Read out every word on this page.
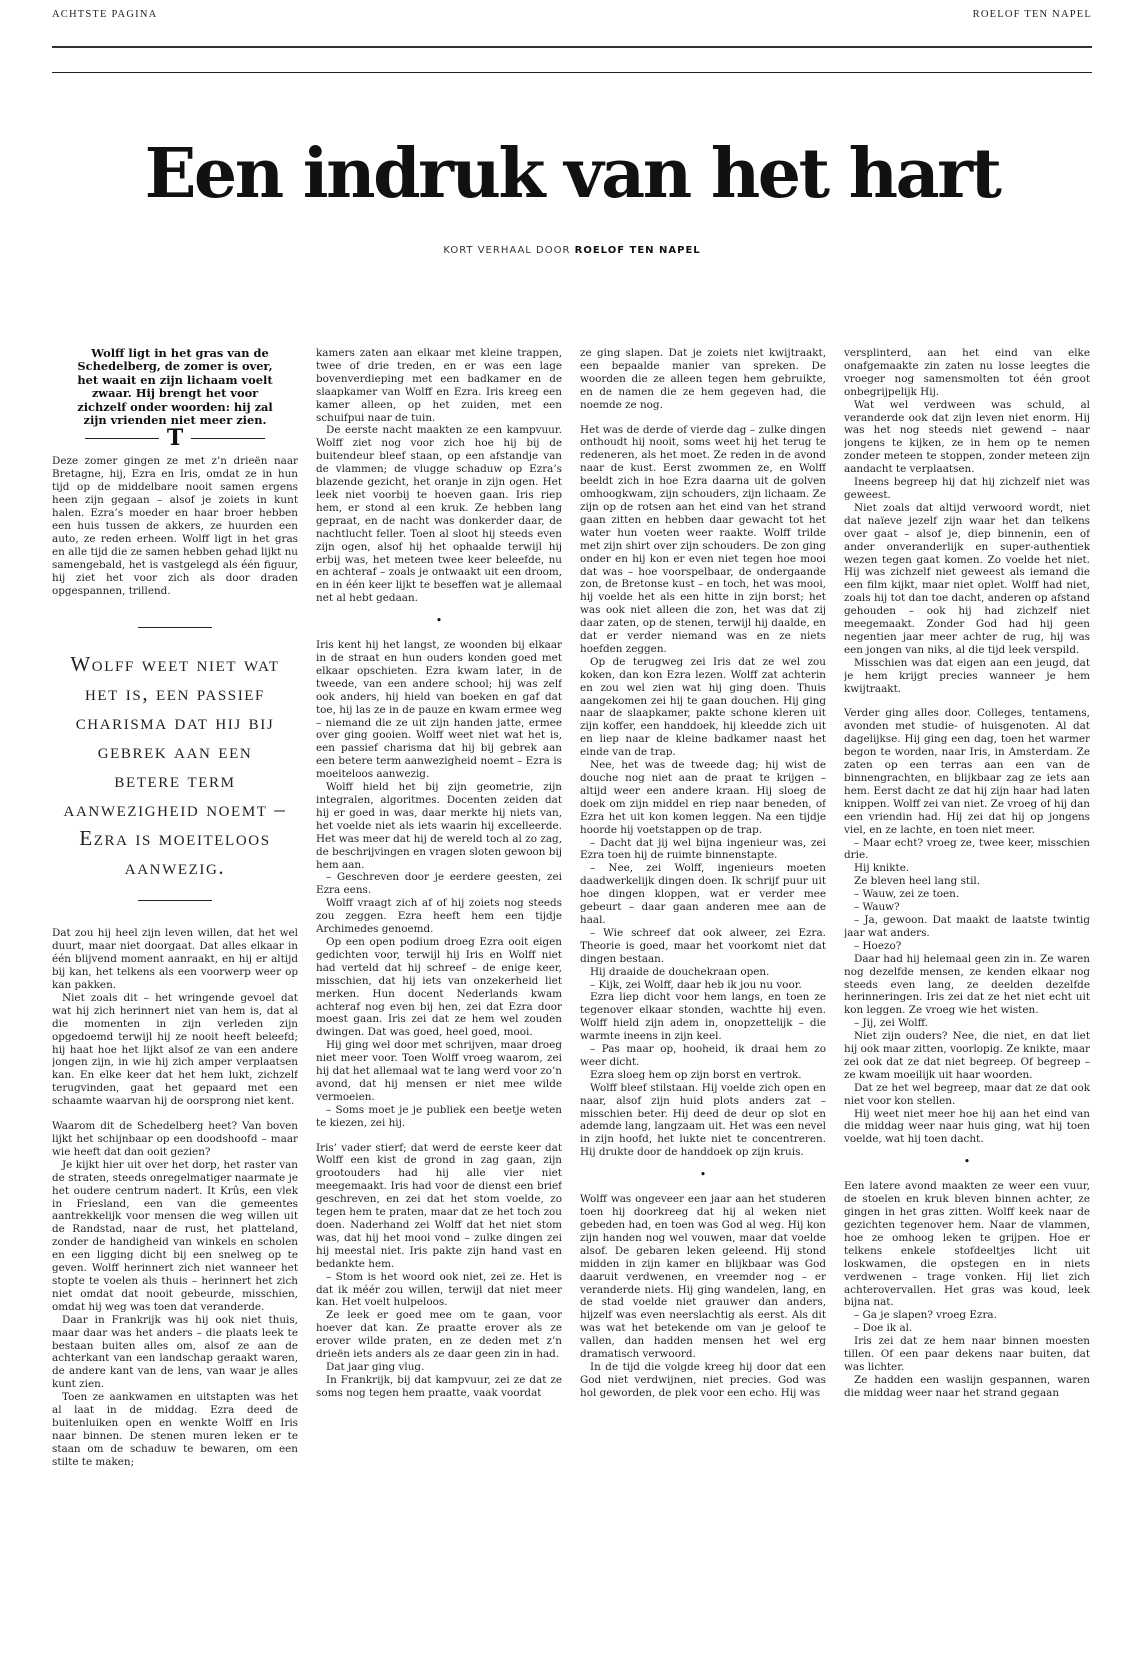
ACHTSTE PAGINA	ROELOF TEN NAPEL
Een indruk van het hart
KORT VERHAAL DOOR ROELOF TEN NAPEL

Wolff ligt in het gras van de Schedelberg, de zomer is over, het waait en zijn lichaam voelt zwaar. Hij brengt het voor zichzelf onder woorden: hij zal zijn vrienden niet meer zien.

T

Deze zomer gingen ze met z’n drieën naar Bretagne, hij, Ezra en Iris, omdat ze in hun tijd op de middelbare nooit samen ergens heen zijn gegaan – alsof je zoiets in kunt halen. Ezra’s moeder en haar broer hebben een huis tussen de akkers, ze huurden een auto, ze reden erheen. Wolff ligt in het gras en alle tijd die ze samen hebben gehad lijkt nu samengebald, het is vastgelegd als één figuur, hij ziet het voor zich als door draden opgespannen, trillend.

Wolff weet niet wat het is, een passief charisma dat hij bij gebrek aan een betere term aanwezigheid noemt – Ezra is moeiteloos aanwezig.

Dat zou hij heel zijn leven willen, dat het wel duurt, maar niet doorgaat. Dat alles elkaar in één blijvend moment aanraakt, en hij er altijd bij kan, het telkens als een voorwerp weer op kan pakken.

Niet zoals dit – het wringende gevoel dat wat hij zich herinnert niet van hem is, dat al die momenten in zijn verleden zijn opgedoemd terwijl hij ze nooit heeft beleefd; hij haat hoe het lijkt alsof ze van een andere jongen zijn, in wie hij zich amper verplaatsen kan. En elke keer dat het hem lukt, zichzelf terugvinden, gaat het gepaard met een schaamte waarvan hij de oorsprong niet kent.

Waarom dit de Schedelberg heet? Van boven lijkt het schijnbaar op een doodshoofd – maar wie heeft dat dan ooit gezien?

Je kijkt hier uit over het dorp, het raster van de straten, steeds onregelmatiger naarmate je het oudere centrum nadert. It Krûs, een vlek in Friesland, een van die gemeentes aantrekkelijk voor mensen die weg willen uit de Randstad, naar de rust, het platteland, zonder de handigheid van winkels en scholen en een ligging dicht bij een snelweg op te geven. Wolff herinnert zich niet wanneer het stopte te voelen als thuis – herinnert het zich niet omdat dat nooit gebeurde, misschien, omdat hij weg was toen dat veranderde.

Daar in Frankrijk was hij ook niet thuis, maar daar was het anders – die plaats leek te bestaan buiten alles om, alsof ze aan de achterkant van een landschap geraakt waren, de andere kant van de lens, van waar je alles kunt zien.

Toen ze aankwamen en uitstapten was het al laat in de middag. Ezra deed de buitenluiken open en wenkte Wolff en Iris naar binnen. De stenen muren leken er te staan om de schaduw te bewaren, om een stilte te maken;

kamers zaten aan elkaar met kleine trappen, twee of drie treden, en er was een lage bovenverdieping met een badkamer en de slaapkamer van Wolff en Ezra. Iris kreeg een kamer alleen, op het zuiden, met een schuifpui naar de tuin.

De eerste nacht maakten ze een kampvuur. Wolff ziet nog voor zich hoe hij bij de buitendeur bleef staan, op een afstandje van de vlammen; de vlugge schaduw op Ezra’s blazende gezicht, het oranje in zijn ogen. Het leek niet voorbij te hoeven gaan. Iris riep hem, er stond al een kruk. Ze hebben lang gepraat, en de nacht was donkerder daar, de nachtlucht feller. Toen al sloot hij steeds even zijn ogen, alsof hij het ophaalde terwijl hij erbij was, het meteen twee keer beleefde, nu en achteraf – zoals je ontwaakt uit een droom, en in één keer lijkt te beseffen wat je allemaal net al hebt gedaan.

•

Iris kent hij het langst, ze woonden bij elkaar in de straat en hun ouders konden goed met elkaar opschieten. Ezra kwam later, in de tweede, van een andere school; hij was zelf ook anders, hij hield van boeken en gaf dat toe, hij las ze in de pauze en kwam ermee weg – niemand die ze uit zijn handen jatte, ermee over ging gooien. Wolff weet niet wat het is, een passief charisma dat hij bij gebrek aan een betere term aanwezigheid noemt – Ezra is moeiteloos aanwezig.

Wolff hield het bij zijn geometrie, zijn integralen, algoritmes. Docenten zeiden dat hij er goed in was, daar merkte hij niets van, het voelde niet als iets waarin hij excelleerde. Het was meer dat hij de wereld toch al zo zag, de beschrijvingen en vragen sloten gewoon bij hem aan.

– Geschreven door je eerdere geesten, zei Ezra eens.

Wolff vraagt zich af of hij zoiets nog steeds zou zeggen. Ezra heeft hem een tijdje Archimedes genoemd.

Op een open podium droeg Ezra ooit eigen gedichten voor, terwijl hij Iris en Wolff niet had verteld dat hij schreef – de enige keer, misschien, dat hij iets van onzekerheid liet merken. Hun docent Nederlands kwam achteraf nog even bij hen, zei dat Ezra door moest gaan. Iris zei dat ze hem wel zouden dwingen. Dat was goed, heel goed, mooi.

Hij ging wel door met schrijven, maar droeg niet meer voor. Toen Wolff vroeg waarom, zei hij dat het allemaal wat te lang werd voor zo’n avond, dat hij mensen er niet mee wilde vermoeien.

– Soms moet je je publiek een beetje weten te kiezen, zei hij.

Iris’ vader stierf; dat werd de eerste keer dat Wolff een kist de grond in zag gaan, zijn grootouders had hij alle vier niet meegemaakt. Iris had voor de dienst een brief geschreven, en zei dat het stom voelde, zo tegen hem te praten, maar dat ze het toch zou doen. Naderhand zei Wolff dat het niet stom was, dat hij het mooi vond – zulke dingen zei hij meestal niet. Iris pakte zijn hand vast en bedankte hem.

– Stom is het woord ook niet, zei ze. Het is dat ik méér zou willen, terwijl dat niet meer kan. Het voelt hulpeloos.

Ze leek er goed mee om te gaan, voor hoever dat kan. Ze praatte erover als ze erover wilde praten, en ze deden met z’n drieën iets anders als ze daar geen zin in had.

Dat jaar ging vlug.

In Frankrijk, bij dat kampvuur, zei ze dat ze soms nog tegen hem praatte, vaak voordat

ze ging slapen. Dat je zoiets niet kwijtraakt, een bepaalde manier van spreken. De woorden die ze alleen tegen hem gebruikte, en de namen die ze hem gegeven had, die noemde ze nog.

Het was de derde of vierde dag – zulke dingen onthoudt hij nooit, soms weet hij het terug te redeneren, als het moet. Ze reden in de avond naar de kust. Eerst zwommen ze, en Wolff beeldt zich in hoe Ezra daarna uit de golven omhoogkwam, zijn schouders, zijn lichaam. Ze zijn op de rotsen aan het eind van het strand gaan zitten en hebben daar gewacht tot het water hun voeten weer raakte. Wolff trilde met zijn shirt over zijn schouders. De zon ging onder en hij kon er even niet tegen hoe mooi dat was – hoe voorspelbaar, de ondergaande zon, de Bretonse kust – en toch, het was mooi, hij voelde het als een hitte in zijn borst; het was ook niet alleen die zon, het was dat zij daar zaten, op de stenen, terwijl hij daalde, en dat er verder niemand was en ze niets hoefden zeggen.

Op de terugweg zei Iris dat ze wel zou koken, dan kon Ezra lezen. Wolff zat achterin en zou wel zien wat hij ging doen. Thuis aangekomen zei hij te gaan douchen. Hij ging naar de slaapkamer, pakte schone kleren uit zijn koffer, een handdoek, hij kleedde zich uit en liep naar de kleine badkamer naast het einde van de trap.

Nee, het was de tweede dag; hij wist de douche nog niet aan de praat te krijgen – altijd weer een andere kraan. Hij sloeg de doek om zijn middel en riep naar beneden, of Ezra het uit kon komen leggen. Na een tijdje hoorde hij voetstappen op de trap.

– Dacht dat jij wel bijna ingenieur was, zei Ezra toen hij de ruimte binnenstapte.

– Nee, zei Wolff, ingenieurs moeten daadwerkelijk dingen doen. Ik schrijf puur uit hoe dingen kloppen, wat er verder mee gebeurt – daar gaan anderen mee aan de haal.

– Wie schreef dat ook alweer, zei Ezra. Theorie is goed, maar het voorkomt niet dat dingen bestaan.

Hij draaide de douchekraan open.

– Kijk, zei Wolff, daar heb ik jou nu voor.

Ezra liep dicht voor hem langs, en toen ze tegenover elkaar stonden, wachtte hij even. Wolff hield zijn adem in, onopzettelijk – die warmte ineens in zijn keel.

– Pas maar op, hooheid, ik draai hem zo weer dicht.

Ezra sloeg hem op zijn borst en vertrok.

Wolff bleef stilstaan. Hij voelde zich open en naar, alsof zijn huid plots anders zat – misschien beter. Hij deed de deur op slot en ademde lang, langzaam uit. Het was een nevel in zijn hoofd, het lukte niet te concentreren. Hij drukte door de handdoek op zijn kruis.

•

Wolff was ongeveer een jaar aan het studeren toen hij doorkreeg dat hij al weken niet gebeden had, en toen was God al weg. Hij kon zijn handen nog wel vouwen, maar dat voelde alsof. De gebaren leken geleend. Hij stond midden in zijn kamer en blijkbaar was God daaruit verdwenen, en vreemder nog – er veranderde niets. Hij ging wandelen, lang, en de stad voelde niet grauwer dan anders, hijzelf was even neerslachtig als eerst. Als dit was wat het betekende om van je geloof te vallen, dan hadden mensen het wel erg dramatisch verwoord.

In de tijd die volgde kreeg hij door dat een God niet verdwijnen, niet precies. God was hol geworden, de plek voor een echo. Hij was

versplinterd, aan het eind van elke onafgemaakte zin zaten nu losse leegtes die vroeger nog samensmolten tot één groot onbegrijpelijk Hij.

Wat wel verdween was schuld, al veranderde ook dat zijn leven niet enorm. Hij was het nog steeds niet gewend – naar jongens te kijken, ze in hem op te nemen zonder meteen te stoppen, zonder meteen zijn aandacht te verplaatsen.

Ineens begreep hij dat hij zichzelf niet was geweest.

Niet zoals dat altijd verwoord wordt, niet dat naïeve jezelf zijn waar het dan telkens over gaat – alsof je, diep binnenin, een of ander onveranderlijk en super-authentiek wezen tegen gaat komen. Zo voelde het niet. Hij was zichzelf niet geweest als iemand die een film kijkt, maar niet oplet. Wolff had niet, zoals hij tot dan toe dacht, anderen op afstand gehouden – ook hij had zichzelf niet meegemaakt. Zonder God had hij geen negentien jaar meer achter de rug, hij was een jongen van niks, al die tijd leek verspild.

Misschien was dat eigen aan een jeugd, dat je hem krijgt precies wanneer je hem kwijtraakt.

Verder ging alles door. Colleges, tentamens, avonden met studie- of huisgenoten. Al dat dagelijkse. Hij ging een dag, toen het warmer begon te worden, naar Iris, in Amsterdam. Ze zaten op een terras aan een van de binnengrachten, en blijkbaar zag ze iets aan hem. Eerst dacht ze dat hij zijn haar had laten knippen. Wolff zei van niet. Ze vroeg of hij dan een vriendin had. Hij zei dat hij op jongens viel, en ze lachte, en toen niet meer.

– Maar echt? vroeg ze, twee keer, misschien drie.

Hij knikte.

Ze bleven heel lang stil.

– Wauw, zei ze toen.

– Wauw?

– Ja, gewoon. Dat maakt de laatste twintig jaar wat anders.

– Hoezo?

Daar had hij helemaal geen zin in. Ze waren nog dezelfde mensen, ze kenden elkaar nog steeds even lang, ze deelden dezelfde herinneringen. Iris zei dat ze het niet echt uit kon leggen. Ze vroeg wie het wisten.

– Jij, zei Wolff.

Niet zijn ouders? Nee, die niet, en dat liet hij ook maar zitten, voorlopig. Ze knikte, maar zei ook dat ze dat niet begreep. Of begreep – ze kwam moeilijk uit haar woorden.

Dat ze het wel begreep, maar dat ze dat ook niet voor kon stellen.

Hij weet niet meer hoe hij aan het eind van die middag weer naar huis ging, wat hij toen voelde, wat hij toen dacht.

•

Een latere avond maakten ze weer een vuur, de stoelen en kruk bleven binnen achter, ze gingen in het gras zitten. Wolff keek naar de gezichten tegenover hem. Naar de vlammen, hoe ze omhoog leken te grijpen. Hoe er telkens enkele stofdeeltjes licht uit loskwamen, die opstegen en in niets verdwenen – trage vonken. Hij liet zich achterovervallen. Het gras was koud, leek bijna nat.

– Ga je slapen? vroeg Ezra.

– Doe ik al.

Iris zei dat ze hem naar binnen moesten tillen. Of een paar dekens naar buiten, dat was lichter.

Ze hadden een waslijn gespannen, waren die middag weer naar het strand gegaan
